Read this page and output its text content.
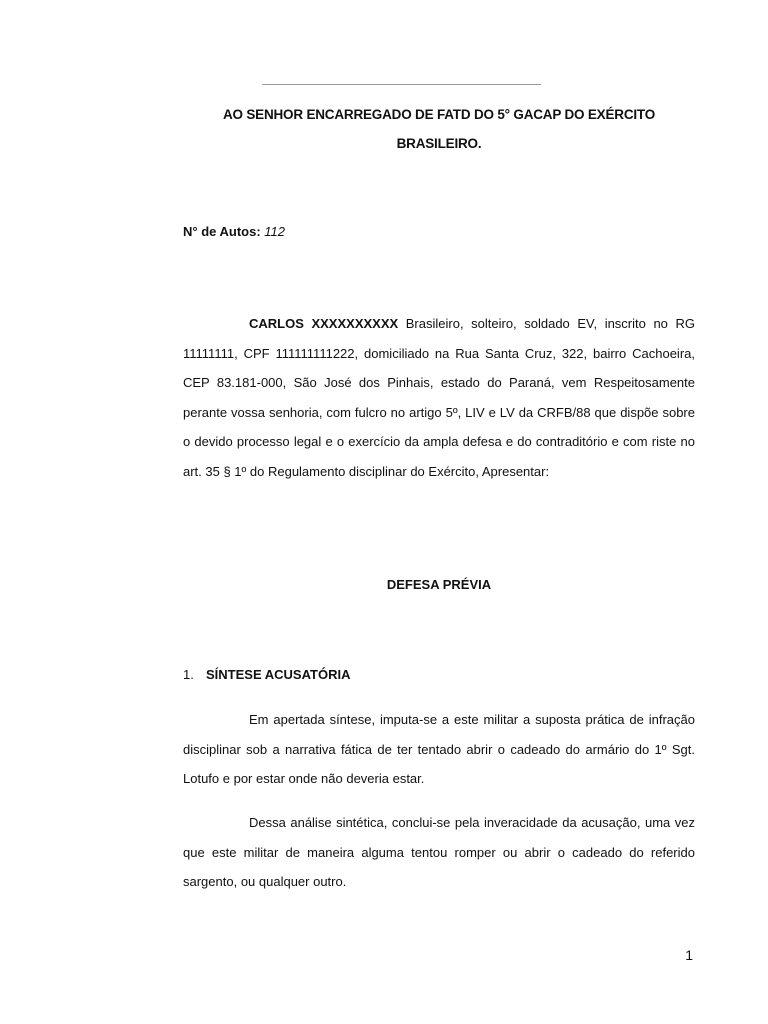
AO SENHOR ENCARREGADO DE FATD DO 5° GACAP DO EXÉRCITO
BRASILEIRO.
N° de Autos: 112

CARLOS XXXXXXXXXX Brasileiro, solteiro, soldado EV, inscrito no RG 11111111, CPF 111111111222, domiciliado na Rua Santa Cruz, 322, bairro Cachoeira, CEP 83.181-000, São José dos Pinhais, estado do Paraná, vem Respeitosamente perante vossa senhoria, com fulcro no artigo 5º, LIV e LV da CRFB/88 que dispõe sobre o devido processo legal e o exercício da ampla defesa e do contraditório e com riste no art. 35 § 1º do Regulamento disciplinar do Exército, Apresentar:

DEFESA PRÉVIA
1. SÍNTESE ACUSATÓRIA

Em apertada síntese, imputa-se a este militar a suposta prática de infração disciplinar sob a narrativa fática de ter tentado abrir o cadeado do armário do 1º Sgt. Lotufo e por estar onde não deveria estar.

Dessa análise sintética, conclui-se pela inveracidade da acusação, uma vez que este militar de maneira alguma tentou romper ou abrir o cadeado do referido sargento, ou qualquer outro.

1
